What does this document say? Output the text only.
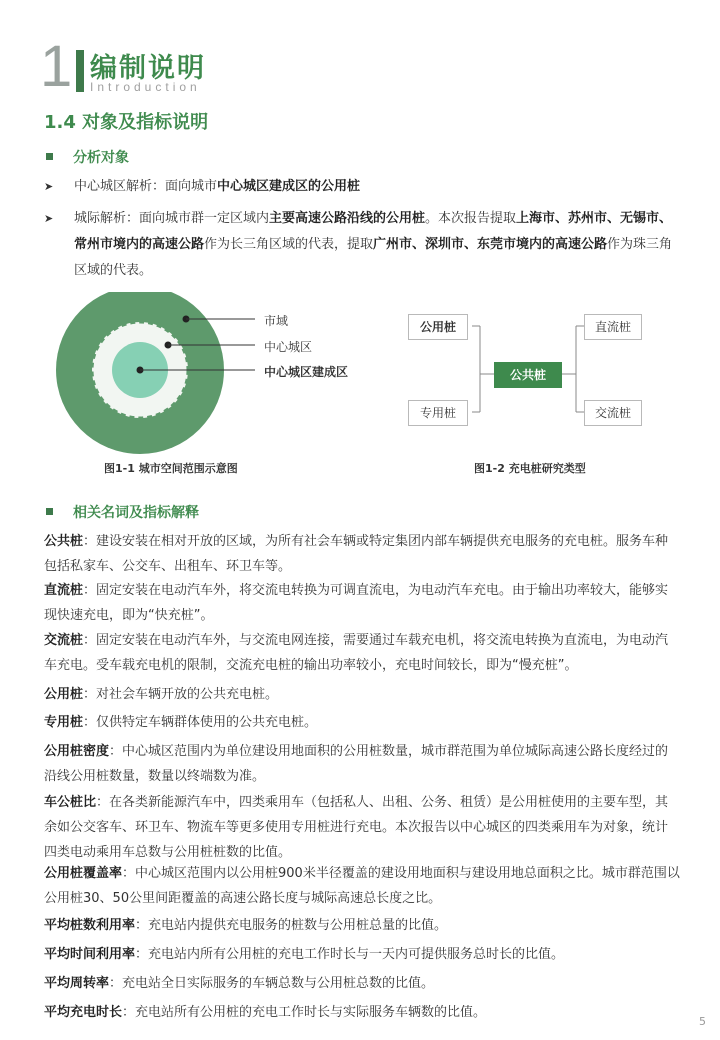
1 编制说明
Introduction
1.4 对象及指标说明
分析对象
➤	中心城区解析：面向城市中心城区建成区的公用桩
➤	城际解析：面向城市群一定区域内主要高速公路沿线的公用桩。本次报告提取上海市、苏州市、无锡市、常州市境内的高速公路作为长三角区域的代表，提取广州市、深圳市、东莞市境内的高速公路作为珠三角区域的代表。
市域
中心城区
中心城区建成区
图1-1 城市空间范围示意图
公用桩
专用桩
公共桩
直流桩
交流桩
图1-2 充电桩研究类型
相关名词及指标解释
公共桩：建设安装在相对开放的区域，为所有社会车辆或特定集团内部车辆提供充电服务的充电桩。服务车种包括私家车、公交车、出租车、环卫车等。
直流桩：固定安装在电动汽车外，将交流电转换为可调直流电，为电动汽车充电。由于输出功率较大，能够实现快速充电，即为“快充桩”。
交流桩：固定安装在电动汽车外，与交流电网连接，需要通过车载充电机，将交流电转换为直流电，为电动汽车充电。受车载充电机的限制，交流充电桩的输出功率较小，充电时间较长，即为“慢充桩”。
公用桩：对社会车辆开放的公共充电桩。
专用桩：仅供特定车辆群体使用的公共充电桩。
公用桩密度：中心城区范围内为单位建设用地面积的公用桩数量，城市群范围为单位城际高速公路长度经过的沿线公用桩数量，数量以终端数为准。
车公桩比：在各类新能源汽车中，四类乘用车（包括私人、出租、公务、租赁）是公用桩使用的主要车型，其余如公交客车、环卫车、物流车等更多使用专用桩进行充电。本次报告以中心城区的四类乘用车为对象，统计四类电动乘用车总数与公用桩桩数的比值。
公用桩覆盖率：中心城区范围内以公用桩900米半径覆盖的建设用地面积与建设用地总面积之比。城市群范围以公用桩30、50公里间距覆盖的高速公路长度与城际高速总长度之比。
平均桩数利用率：充电站内提供充电服务的桩数与公用桩总量的比值。
平均时间利用率：充电站内所有公用桩的充电工作时长与一天内可提供服务总时长的比值。
平均周转率：充电站全日实际服务的车辆总数与公用桩总数的比值。
平均充电时长：充电站所有公用桩的充电工作时长与实际服务车辆数的比值。
5
